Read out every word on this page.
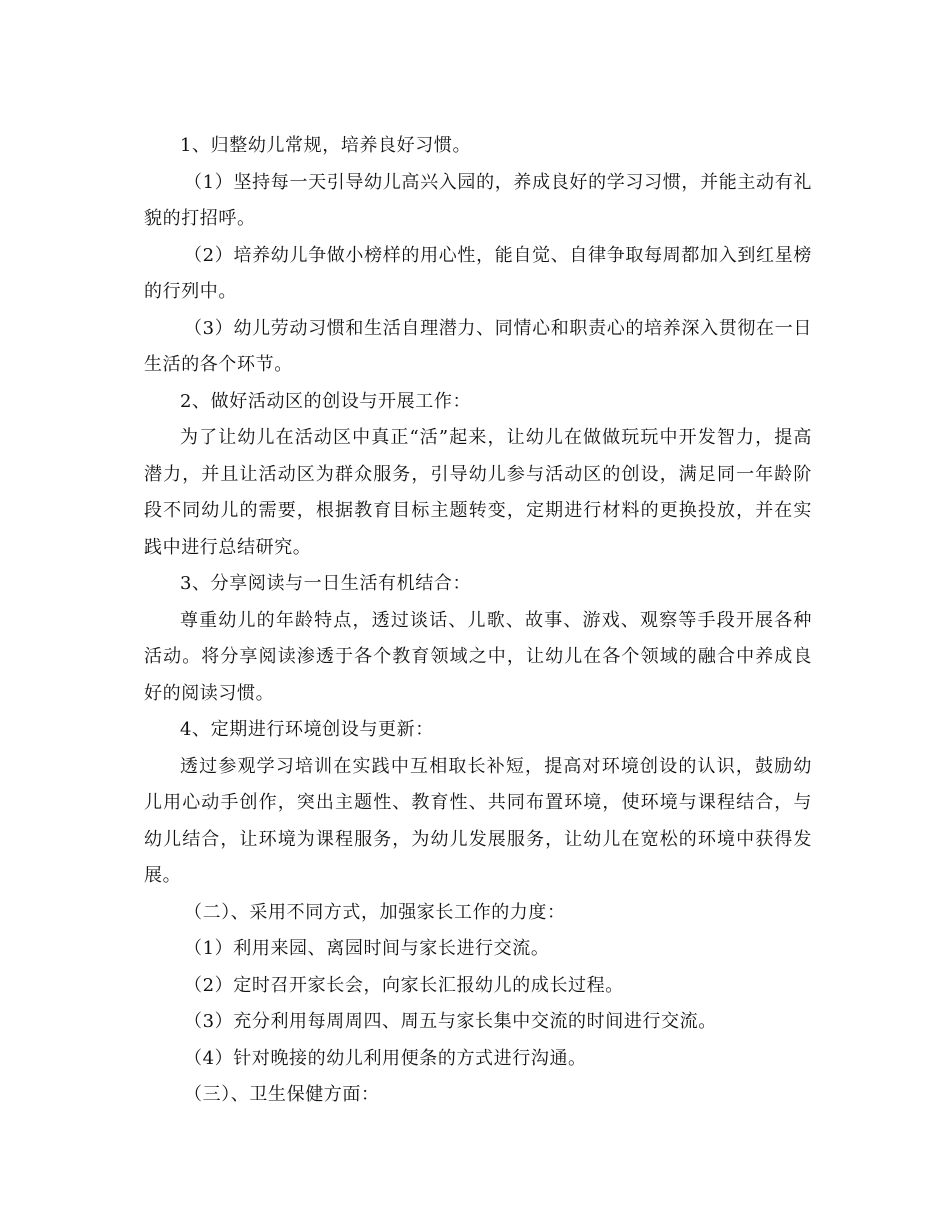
1、归整幼儿常规，培养良好习惯。

（1）坚持每一天引导幼儿高兴入园的，养成良好的学习习惯，并能主动有礼貌的打招呼。

（2）培养幼儿争做小榜样的用心性，能自觉、自律争取每周都加入到红星榜的行列中。

（3）幼儿劳动习惯和生活自理潜力、同情心和职责心的培养深入贯彻在一日生活的各个环节。

2、做好活动区的创设与开展工作：

为了让幼儿在活动区中真正“活”起来，让幼儿在做做玩玩中开发智力，提高潜力，并且让活动区为群众服务，引导幼儿参与活动区的创设，满足同一年龄阶段不同幼儿的需要，根据教育目标主题转变，定期进行材料的更换投放，并在实践中进行总结研究。

3、分享阅读与一日生活有机结合：

尊重幼儿的年龄特点，透过谈话、儿歌、故事、游戏、观察等手段开展各种活动。将分享阅读渗透于各个教育领域之中，让幼儿在各个领域的融合中养成良好的阅读习惯。

4、定期进行环境创设与更新：

透过参观学习培训在实践中互相取长补短，提高对环境创设的认识，鼓励幼儿用心动手创作，突出主题性、教育性、共同布置环境，使环境与课程结合，与幼儿结合，让环境为课程服务，为幼儿发展服务，让幼儿在宽松的环境中获得发展。

（二）、采用不同方式，加强家长工作的力度：

（1）利用来园、离园时间与家长进行交流。

（2）定时召开家长会，向家长汇报幼儿的成长过程。

（3）充分利用每周周四、周五与家长集中交流的时间进行交流。

（4）针对晚接的幼儿利用便条的方式进行沟通。

（三）、卫生保健方面：
